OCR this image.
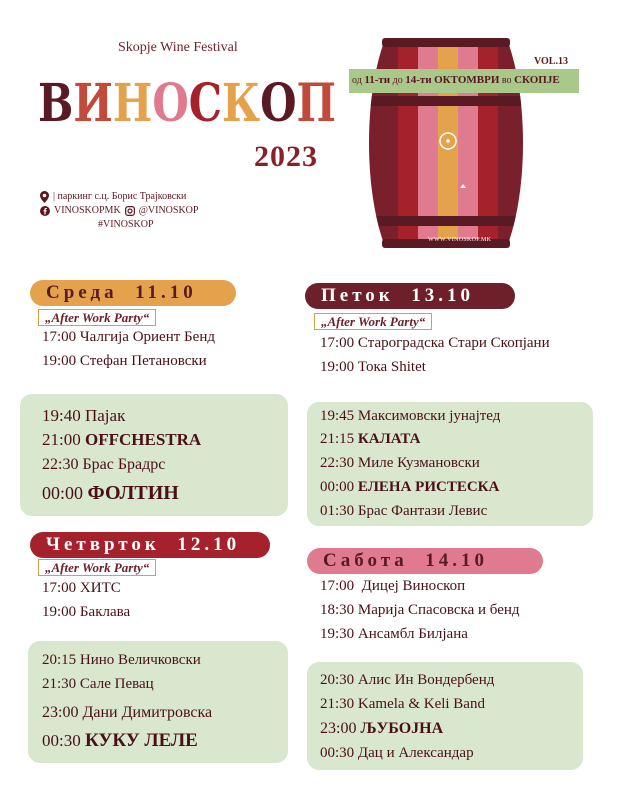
Skopje Wine Festival
ВИНОСКОП
2023
| паркинг с.ц. Борис Трајковски
VINOSKOPMK @VINOSKOP
#VINOSKOP
WWW.VINOSKOP.MK
од 11-ти до 14-ти ОКТОМВРИ во СКОПЈЕ
VOL.13
Среда
11.10
„After Work Party“
17:00 Чалгија Ориент Бенд
19:00 Стефан Петановски
19:40 Пајак
21:00 OFFCHESTRA
22:30 Брас Брадрс
00:00 ФОЛТИН
Петок
13.10
„After Work Party“
17:00 Староградска Стари Скопјани
19:00 Тока Shitet
19:45 Максимовски јунајтед
21:15 КАЛАТА
22:30 Миле Кузмановски
00:00 ЕЛЕНА РИСТЕСКА
01:30 Брас Фантази Левис
Четврток
12.10
„After Work Party“
17:00 ХИТС
19:00 Баклава
20:15 Нино Величковски
21:30 Сале Певац
23:00 Дани Димитровска
00:30 КУКУ ЛЕЛЕ
Сабота
14.10
17:00 Дицеј Виноскоп
18:30 Марија Спасовска и бенд
19:30 Ансамбл Билјана
20:30 Алис Ин Вондербенд
21:30 Kamela & Keli Band
23:00 ЉУБОЈНА
00:30 Дац и Александар
